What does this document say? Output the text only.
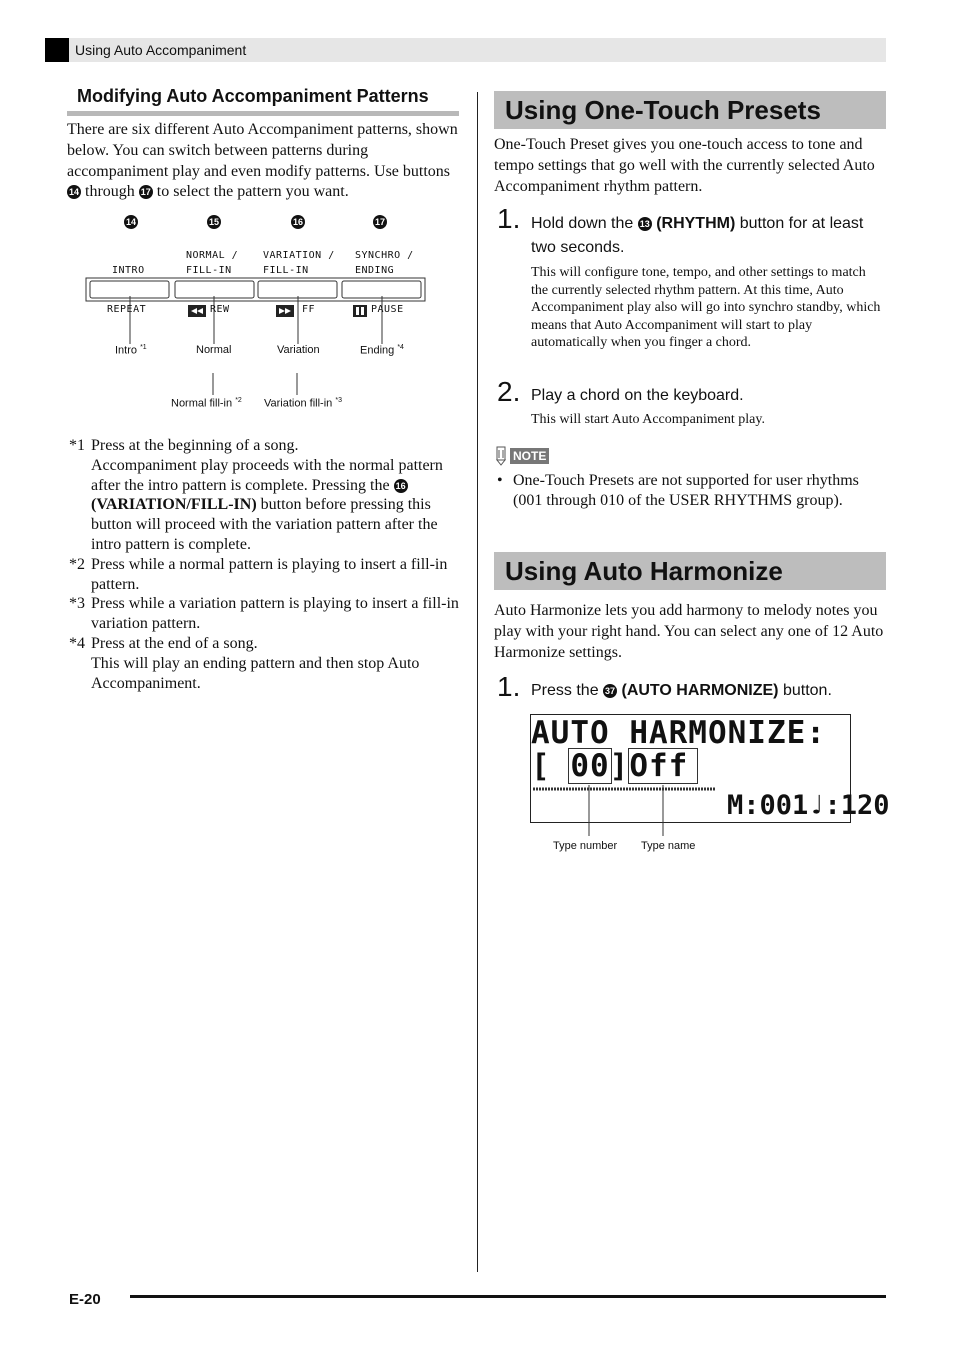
Using Auto Accompaniment
Modifying Auto Accompaniment Patterns
There are six different Auto Accompaniment patterns, shown below. You can switch between patterns during accompaniment play and even modify patterns. Use buttons 14 through 17 to select the pattern you want.
14	15	16	17
INTRO
NORMAL /
FILL-IN
VARIATION /
FILL-IN
SYNCHRO /
ENDING
REPEAT	REW	FF	PAUSE
Intro $^{*1}$	Normal	Variation	Ending $^{*4}$
Normal fill-in $^{*2}$ Variation fill-in $^{*3}$

*1 Press at the beginning of a song.

Accompaniment play proceeds with the normal pattern after the intro pattern is complete. Pressing the 16 (VARIATION/FILL-IN) button before pressing this button will proceed with the variation pattern after the intro pattern is complete.

*2 Press while a normal pattern is playing to insert a fill-in pattern.

*3 Press while a variation pattern is playing to insert a fill-in variation pattern.

*4 Press at the end of a song.

This will play an ending pattern and then stop Auto Accompaniment.

Using One-Touch Presets
One-Touch Preset gives you one-touch access to tone and tempo settings that go well with the currently selected Auto Accompaniment rhythm pattern.
1. Hold down the 13 (RHYTHM) button for at least two seconds.
This will configure tone, tempo, and other settings to match the currently selected rhythm pattern. At this time, Auto Accompaniment play also will go into synchro standby, which means that Auto Accompaniment will start to play automatically when you finger a chord.
2. Play a chord on the keyboard.
This will start Auto Accompaniment play.
NOTE
• One-Touch Presets are not supported for user rhythms (001 through 010 of the USER RHYTHMS group).
Using Auto Harmonize
Auto Harmonize lets you add harmony to melody notes you play with your right hand. You can select any one of 12 Auto Harmonize settings.
1. Press the 37 (AUTO HARMONIZE) button.
AUTO HARMONIZE:
[ 00]Off
M:001♩:120
Type number Type name
E-20
